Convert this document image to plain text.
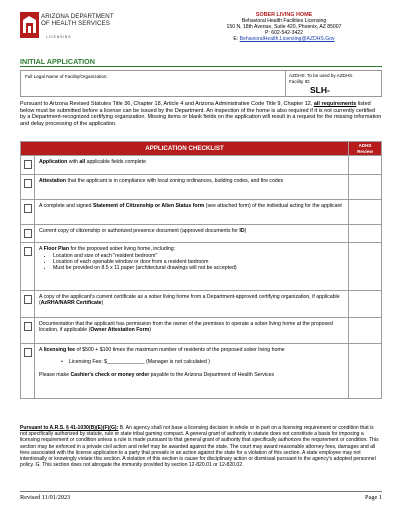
ARIZONA DEPARTMENT
OF HEALTH SERVICES
LICENSING
SOBER LIVING HOME
Behavioral Health Facilities Licensing
150 N. 18th Avenue, Suite 420, Phoenix, AZ 85007
P: 602-542-3422
E: BehavioralHealth.Licensing@AZDHS.Gov
INITIAL APPLICATION
Full Legal Name of Facility/Organization:	AZDHS: To be used by AZDHS.
Facility ID:
SLH-
Pursuant to Arizona Revised Statutes Title 36, Chapter 18, Article 4 and Arizona Administrative Code Title 9, Chapter 12, all requirements listed below must be submitted before a license can be issued by the Department. An inspection of the home is also required if it is not currently certified by a Department-recognized certifying organization. Missing items or blank fields on the application will result in a request for the missing information and delay processing of the application.
APPLICATION CHECKLIST	ADHS
Review
Application with all applicable fields complete
Attestation that the applicant is in compliance with local zoning ordinances, building codes, and fire codes
A complete and signed Statement of Citizenship or Alien Status form (see attached form) of the individual acting for the applicant
Current copy of citizenship or authorized presence document (approved documents for ID)
A Floor Plan for the proposed sober living home, including:
• Location and size of each "resident bedroom"
• Location of each openable window or door from a resident bedroom
• Must be provided on 8.5 x 11 paper (architectural drawings will not be accepted)
A copy of the applicant's current certificate as a sober living home from a Department-approved certifying organization, if applicable (AzRHA/NARR Certificate)
Documentation that the applicant has permission from the owner of the premises to operate a sober living home at the proposed location, if applicable (Owner Attestation Form)
A licensing fee of $500 + $100 times the maximum number of residents of the proposed sober living home
• Licensing Fee: $_____________ (Manager is not calculated )
Please make Cashier's check or money order payable to the Arizona Department of Health Services
Pursuant to A.R.S. § 41-1030(B)(E)(F)(G): B. An agency shall not base a licensing decision in whole or in part on a licensing requirement or condition that is not specifically authorized by statute, rule or state tribal gaming compact. A general grant of authority in statute does not constitute a basis for imposing a licensing requirement or condition unless a rule is made pursuant to that general grant of authority that specifically authorizes the requirement or condition. This section may be enforced in a private civil action and relief may be awarded against the state. The court may award reasonable attorney fees, damages and all fees associated with the license application to a party that prevails in an action against the state for a violation of this section. A state employee may not intentionally or knowingly violate this section. A violation of this section is cause for disciplinary action or dismissal pursuant to the agency's adopted personnel policy. G. This section does not abrogate the immunity provided by section 12-820.01 or 12-820.02.
Revised 11/01/2023	Page 1
